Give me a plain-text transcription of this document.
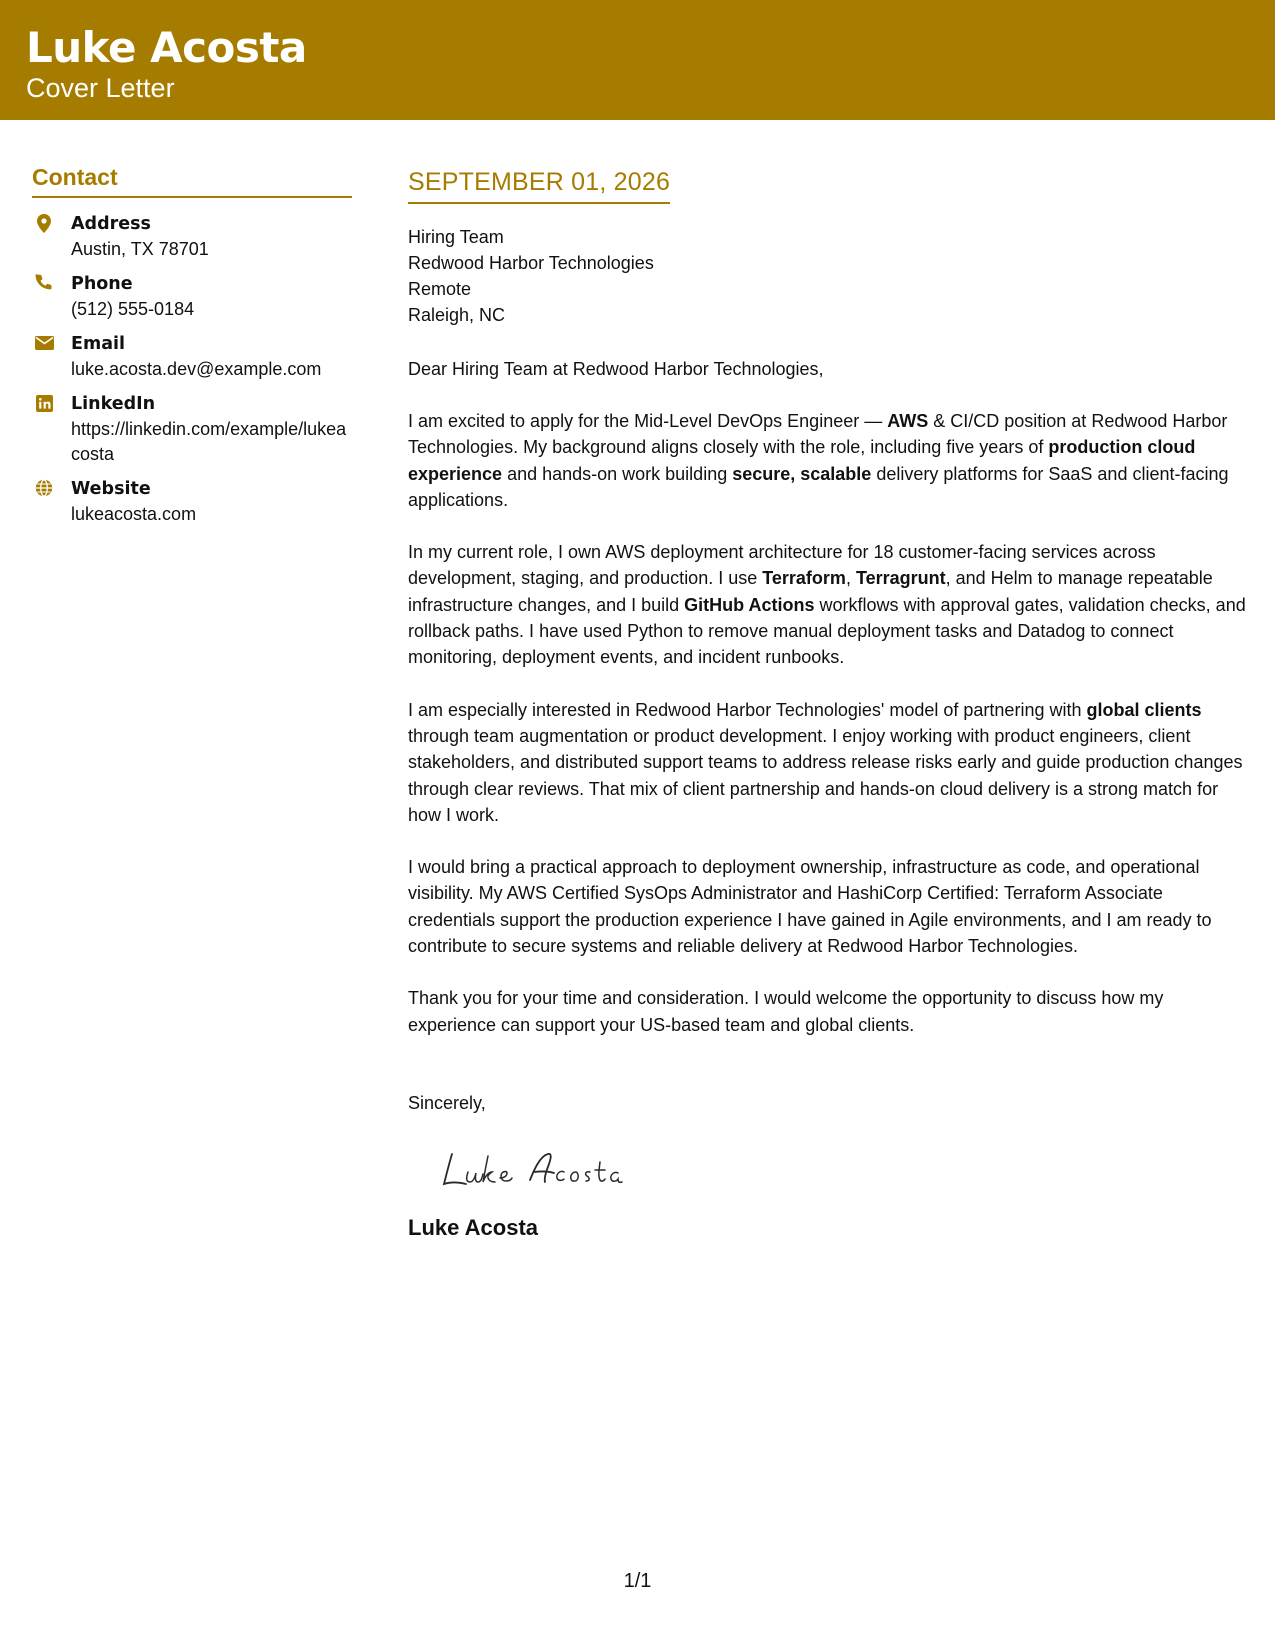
Luke Acosta
Cover Letter
Contact
Address
Austin, TX 78701
Phone
(512) 555-0184
Email
luke.acosta.dev@example.com
LinkedIn
https://linkedin.com/example/lukeacosta
Website
lukeacosta.com
SEPTEMBER 01, 2026
Hiring Team
Redwood Harbor Technologies
Remote
Raleigh, NC
Dear Hiring Team at Redwood Harbor Technologies,

I am excited to apply for the Mid-Level DevOps Engineer — AWS & CI/CD position at Redwood Harbor Technologies. My background aligns closely with the role, including five years of production cloud experience and hands-on work building secure, scalable delivery platforms for SaaS and client-facing applications.

In my current role, I own AWS deployment architecture for 18 customer-facing services across development, staging, and production. I use Terraform, Terragrunt, and Helm to manage repeatable infrastructure changes, and I build GitHub Actions workflows with approval gates, validation checks, and rollback paths. I have used Python to remove manual deployment tasks and Datadog to connect monitoring, deployment events, and incident runbooks.

I am especially interested in Redwood Harbor Technologies' model of partnering with global clients through team augmentation or product development. I enjoy working with product engineers, client stakeholders, and distributed support teams to address release risks early and guide production changes through clear reviews. That mix of client partnership and hands-on cloud delivery is a strong match for how I work.

I would bring a practical approach to deployment ownership, infrastructure as code, and operational visibility. My AWS Certified SysOps Administrator and HashiCorp Certified: Terraform Associate credentials support the production experience I have gained in Agile environments, and I am ready to contribute to secure systems and reliable delivery at Redwood Harbor Technologies.

Thank you for your time and consideration. I would welcome the opportunity to discuss how my experience can support your US-based team and global clients.

Sincerely,
Luke Acosta
1/1
